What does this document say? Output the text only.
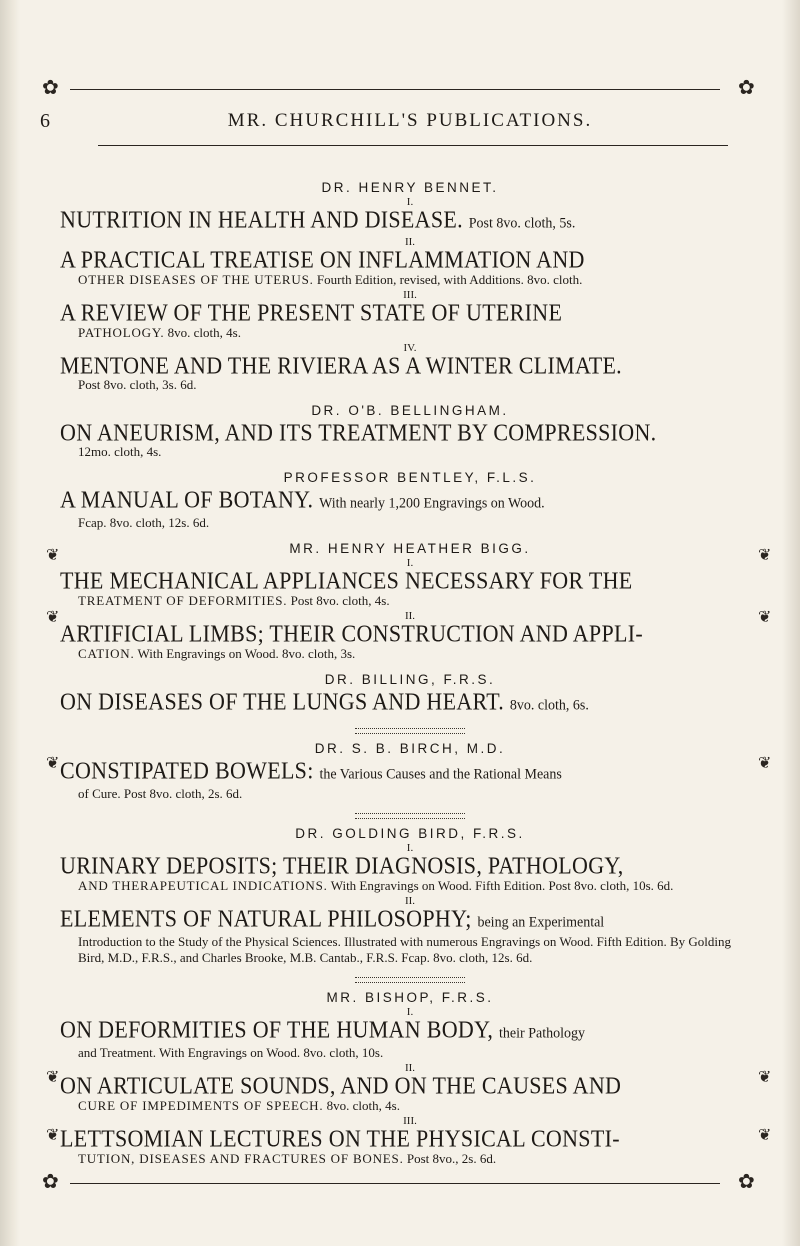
✿	✿
6	MR. CHURCHILL'S PUBLICATIONS.
❦
❦
❦
❦
❦
❦
❦
❦
❦
❦
DR. HENRY BENNET.
I.
NUTRITION IN HEALTH AND DISEASE. Post 8vo. cloth, 5s.
II.
A PRACTICAL TREATISE ON INFLAMMATION AND
OTHER DISEASES OF THE UTERUS. Fourth Edition, revised, with Additions. 8vo. cloth.
III.
A REVIEW OF THE PRESENT STATE OF UTERINE
PATHOLOGY. 8vo. cloth, 4s.
IV.
MENTONE AND THE RIVIERA AS A WINTER CLIMATE.
Post 8vo. cloth, 3s. 6d.
DR. O'B. BELLINGHAM.
ON ANEURISM, AND ITS TREATMENT BY COMPRESSION.
12mo. cloth, 4s.
PROFESSOR BENTLEY, F.L.S.
A MANUAL OF BOTANY. With nearly 1,200 Engravings on Wood.
Fcap. 8vo. cloth, 12s. 6d.
MR. HENRY HEATHER BIGG.
I.
THE MECHANICAL APPLIANCES NECESSARY FOR THE
TREATMENT OF DEFORMITIES. Post 8vo. cloth, 4s.
II.
ARTIFICIAL LIMBS; THEIR CONSTRUCTION AND APPLI-
CATION. With Engravings on Wood. 8vo. cloth, 3s.
DR. BILLING, F.R.S.
ON DISEASES OF THE LUNGS AND HEART. 8vo. cloth, 6s.
DR. S. B. BIRCH, M.D.
CONSTIPATED BOWELS: the Various Causes and the Rational Means
of Cure. Post 8vo. cloth, 2s. 6d.
DR. GOLDING BIRD, F.R.S.
I.
URINARY DEPOSITS; THEIR DIAGNOSIS, PATHOLOGY,
AND THERAPEUTICAL INDICATIONS. With Engravings on Wood. Fifth Edition. Post 8vo. cloth, 10s. 6d.
II.
ELEMENTS OF NATURAL PHILOSOPHY; being an Experimental
Introduction to the Study of the Physical Sciences. Illustrated with numerous Engravings on Wood. Fifth Edition. By Golding Bird, M.D., F.R.S., and Charles Brooke, M.B. Cantab., F.R.S. Fcap. 8vo. cloth, 12s. 6d.
MR. BISHOP, F.R.S.
I.
ON DEFORMITIES OF THE HUMAN BODY, their Pathology
and Treatment. With Engravings on Wood. 8vo. cloth, 10s.
II.
ON ARTICULATE SOUNDS, AND ON THE CAUSES AND
CURE OF IMPEDIMENTS OF SPEECH. 8vo. cloth, 4s.
III.
LETTSOMIAN LECTURES ON THE PHYSICAL CONSTI-
TUTION, DISEASES AND FRACTURES OF BONES. Post 8vo., 2s. 6d.
✿	✿
